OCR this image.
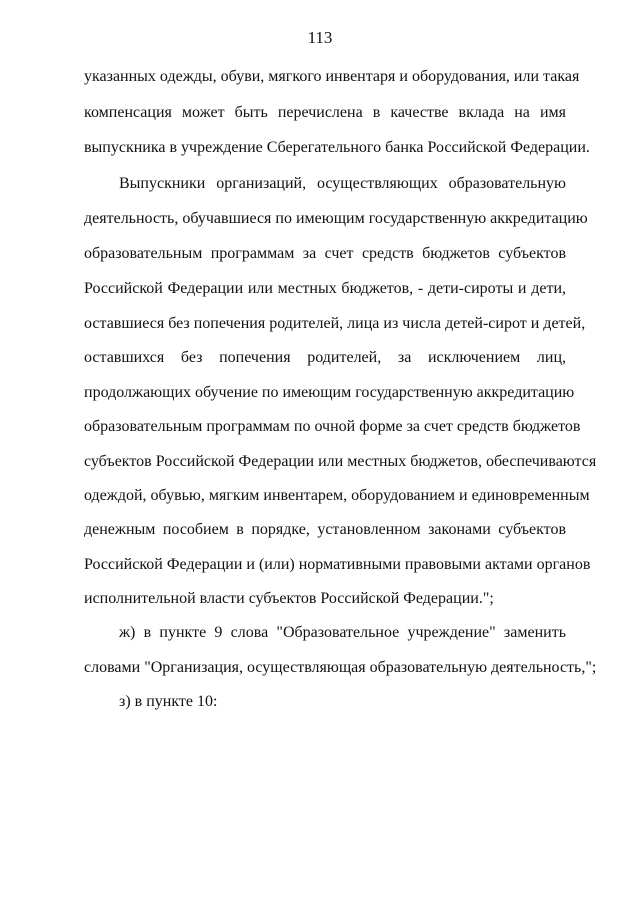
113
указанных одежды, обуви, мягкого инвентаря и оборудования, или такая
компенсация может быть перечислена в качестве вклада на имя
выпускника в учреждение Сберегательного банка Российской Федерации.
Выпускники организаций, осуществляющих образовательную
деятельность, обучавшиеся по имеющим государственную аккредитацию
образовательным программам за счет средств бюджетов субъектов
Российской Федерации или местных бюджетов, - дети-сироты и дети,
оставшиеся без попечения родителей, лица из числа детей-сирот и детей,
оставшихся без попечения родителей, за исключением лиц,
продолжающих обучение по имеющим государственную аккредитацию
образовательным программам по очной форме за счет средств бюджетов
субъектов Российской Федерации или местных бюджетов, обеспечиваются
одеждой, обувью, мягким инвентарем, оборудованием и единовременным
денежным пособием в порядке, установленном законами субъектов
Российской Федерации и (или) нормативными правовыми актами органов
исполнительной власти субъектов Российской Федерации.";
ж) в пункте 9 слова "Образовательное учреждение" заменить
словами "Организация, осуществляющая образовательную деятельность,";
з) в пункте 10:
